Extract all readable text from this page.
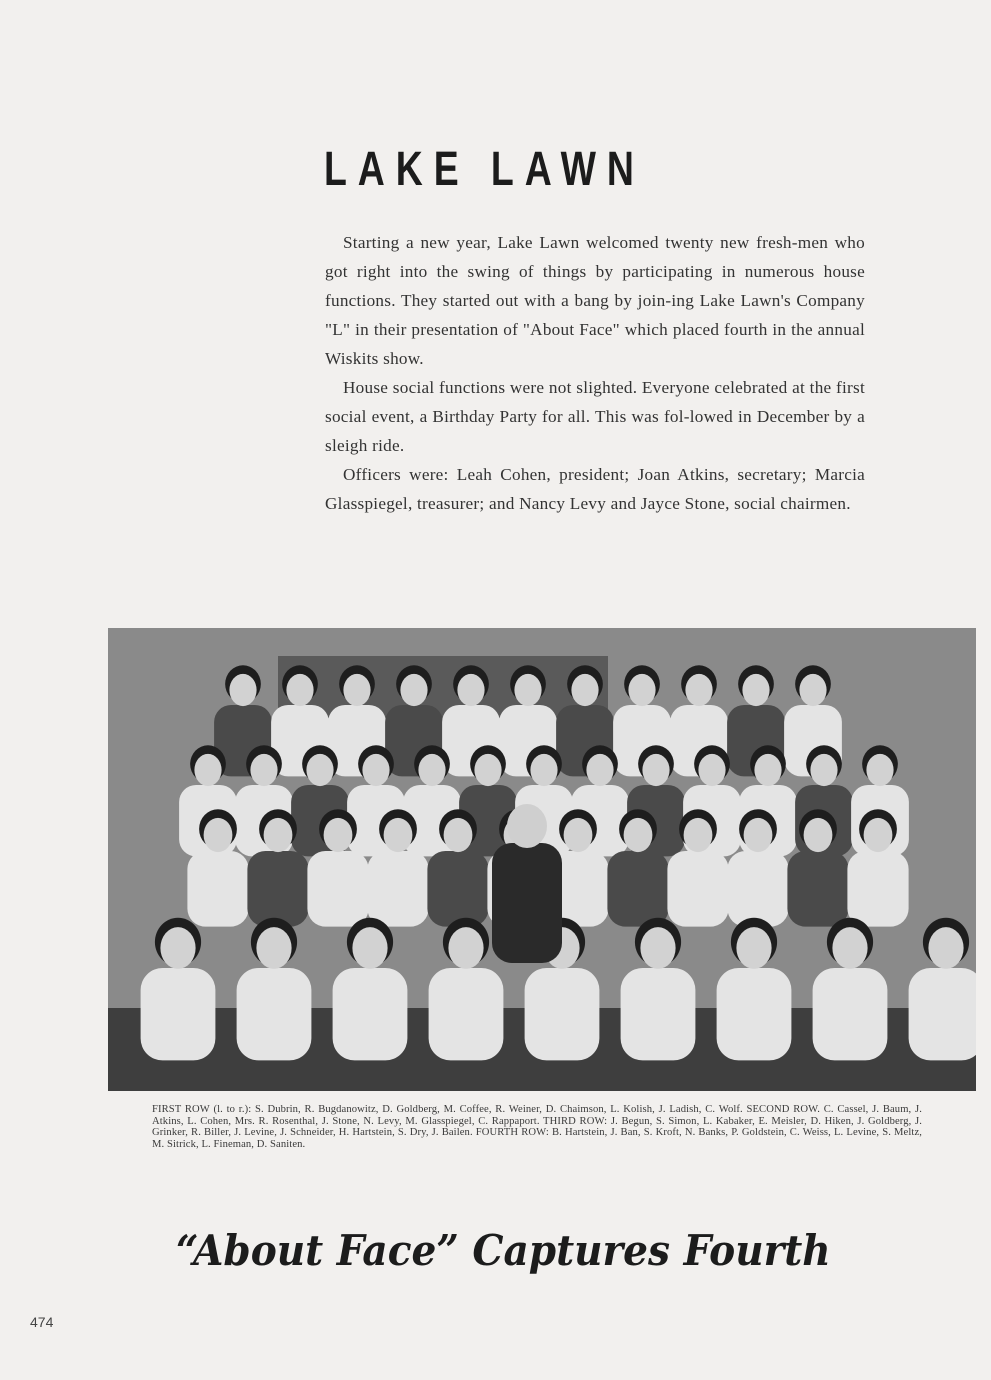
LAKE LAWN

Starting a new year, Lake Lawn welcomed twenty new fresh-men who got right into the swing of things by participating in numerous house functions. They started out with a bang by join-ing Lake Lawn's Company "L" in their presentation of "About Face" which placed fourth in the annual Wiskits show.

House social functions were not slighted. Everyone celebrated at the first social event, a Birthday Party for all. This was fol-lowed in December by a sleigh ride.

Officers were: Leah Cohen, president; Joan Atkins, secretary; Marcia Glasspiegel, treasurer; and Nancy Levy and Jayce Stone, social chairmen.

FIRST ROW (l. to r.): S. Dubrin, R. Bugdanowitz, D. Goldberg, M. Coffee, R. Weiner, D. Chaimson, L. Kolish, J. Ladish, C. Wolf. SECOND ROW. C. Cassel, J. Baum, J. Atkins, L. Cohen, Mrs. R. Rosenthal, J. Stone, N. Levy, M. Glasspiegel, C. Rappaport. THIRD ROW: J. Begun, S. Simon, L. Kabaker, E. Meisler, D. Hiken, J. Goldberg, J. Grinker, R. Biller, J. Levine, J. Schneider, H. Hartstein, S. Dry, J. Bailen. FOURTH ROW: B. Hartstein, J. Ban, S. Kroft, N. Banks, P. Goldstein, C. Weiss, L. Levine, S. Meltz, M. Sitrick, L. Fineman, D. Saniten.
“About Face” Captures Fourth
474
